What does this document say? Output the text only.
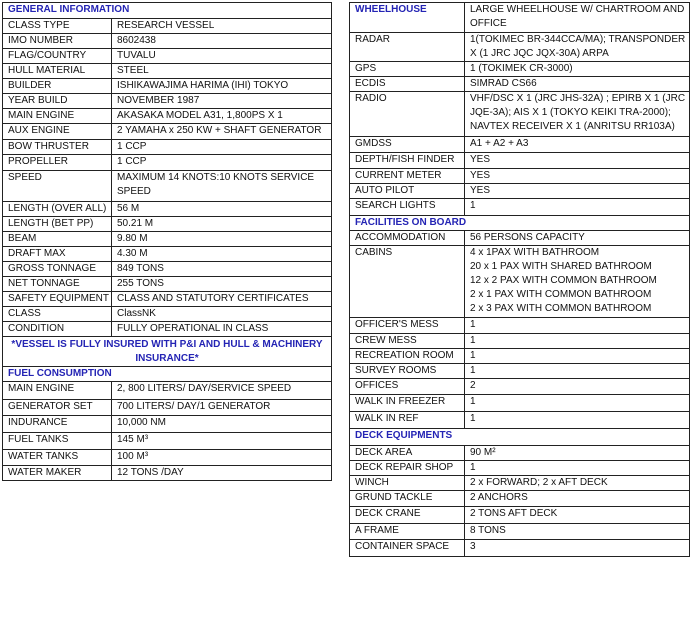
GENERAL INFORMATION	
CLASS TYPE	RESEARCH VESSEL
IMO NUMBER	8602438
FLAG/COUNTRY	TUVALU
HULL MATERIAL	STEEL
BUILDER	ISHIKAWAJIMA HARIMA (IHI) TOKYO
YEAR BUILD	NOVEMBER 1987
MAIN ENGINE	AKASAKA MODEL A31, 1,800PS X 1
AUX ENGINE	2 YAMAHA x 250 KW + SHAFT GENERATOR
BOW THRUSTER	1 CCP
PROPELLER	1 CCP
SPEED	MAXIMUM 14 KNOTS:10 KNOTS SERVICE SPEED
LENGTH (OVER ALL)	56 M
LENGTH (BET PP)	50.21 M
BEAM	9.80 M
DRAFT MAX	4.30 M
GROSS TONNAGE	849 TONS
NET TONNAGE	255 TONS
SAFETY EQUIPMENT	CLASS AND STATUTORY CERTIFICATES
CLASS	ClassNK
CONDITION	FULLY OPERATIONAL IN CLASS
*VESSEL IS FULLY INSURED WITH P&I AND HULL & MACHINERY INSURANCE*	
FUEL CONSUMPTION	
MAIN ENGINE	2, 800 LITERS/ DAY/SERVICE SPEED
GENERATOR SET	700 LITERS/ DAY/1 GENERATOR
INDURANCE	10,000 NM
FUEL TANKS	145 M³
WATER TANKS	100 M³
WATER MAKER	12 TONS /DAY
WHEELHOUSE	LARGE WHEELHOUSE W/ CHARTROOM AND OFFICE
RADAR	1(TOKIMEC BR-344CCA/MA); TRANSPONDER X (1 JRC JQC JQX-30A) ARPA
GPS	1 (TOKIMEK CR-3000)
ECDIS	SIMRAD CS66
RADIO	VHF/DSC X 1 (JRC JHS-32A) ; EPIRB X 1 (JRC JQE-3A); AIS X 1 (TOKYO KEIKI TRA-2000); NAVTEX RECEIVER X 1 (ANRITSU RR103A)
GMDSS	A1 + A2 + A3
DEPTH/FISH FINDER	YES
CURRENT METER	YES
AUTO PILOT	YES
SEARCH LIGHTS	1
FACILITIES ON BOARD	
ACCOMMODATION	56 PERSONS CAPACITY
CABINS	4 x 1PAX WITH BATHROOM
20 x 1 PAX WITH SHARED BATHROOM
12 x 2 PAX WITH COMMON BATHROOM
2 x 1 PAX WITH COMMON BATHROOM
2 x 3 PAX WITH COMMON BATHROOM

OFFICER'S MESS	1
CREW MESS	1
RECREATION ROOM	1
SURVEY ROOMS	1
OFFICES	2
WALK IN FREEZER	1
WALK IN REF	1
DECK EQUIPMENTS	
DECK AREA	90 M²
DECK REPAIR SHOP	1
WINCH	2 x FORWARD; 2 x AFT DECK
GRUND TACKLE	2 ANCHORS
DECK CRANE	2 TONS AFT DECK
A FRAME	8 TONS
CONTAINER SPACE	3
